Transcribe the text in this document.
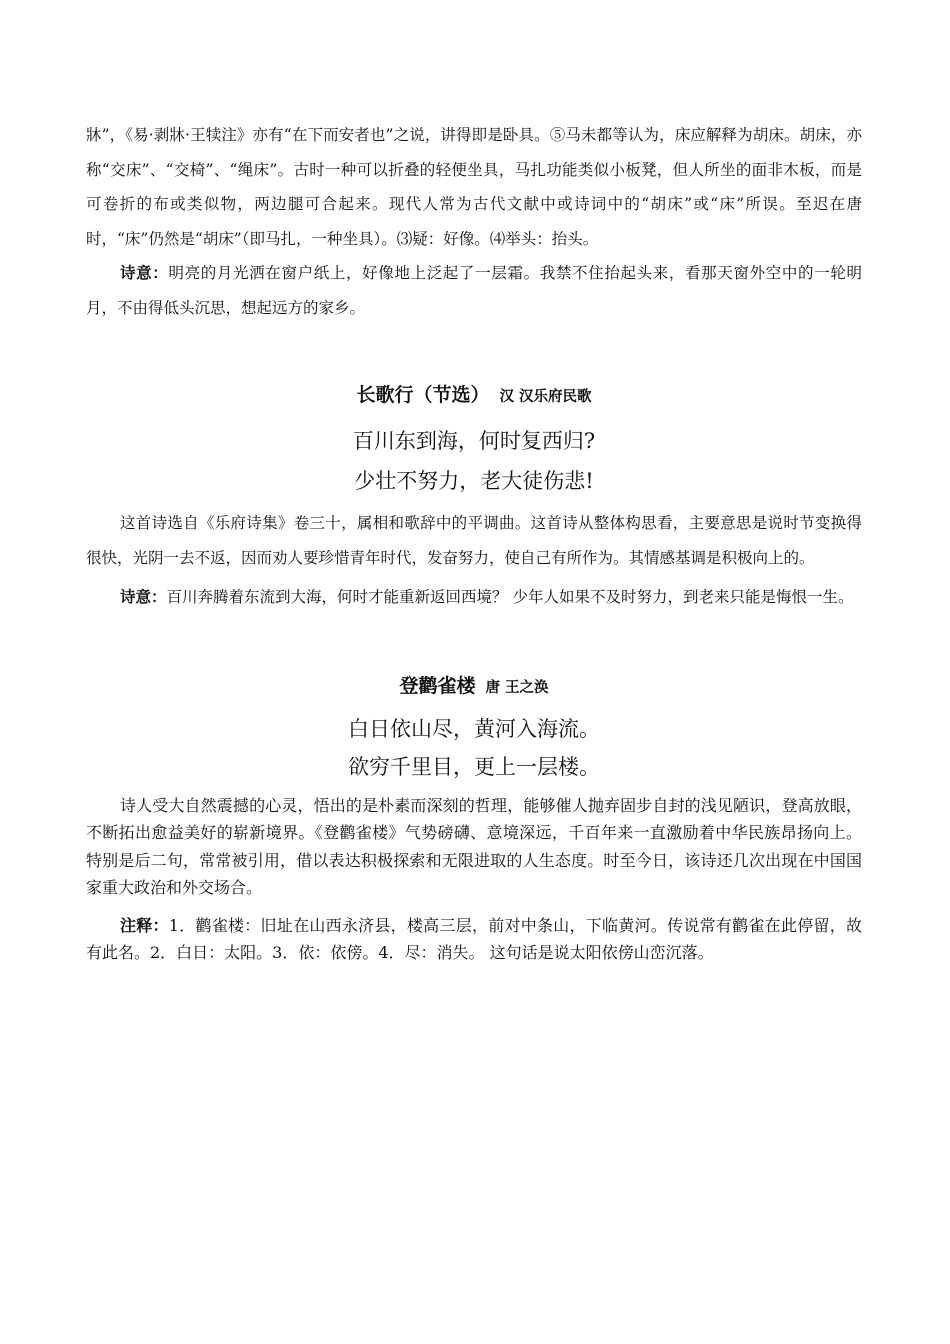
牀”，《易·剥牀·王犊注》亦有“在下而安者也”之说，讲得即是卧具。⑤马未都等认为，床应解释为胡床。胡床，亦称“交床”、“交椅”、“绳床”。古时一种可以折叠的轻便坐具，马扎功能类似小板凳，但人所坐的面非木板，而是可卷折的布或类似物，两边腿可合起来。现代人常为古代文献中或诗词中的“胡床”或“床”所误。至迟在唐时，“床”仍然是“胡床”（即马扎，一种坐具）。⑶疑：好像。⑷举头：抬头。

诗意：明亮的月光洒在窗户纸上，好像地上泛起了一层霜。我禁不住抬起头来，看那天窗外空中的一轮明月，不由得低头沉思，想起远方的家乡。

长歌行（节选） 汉 汉乐府民歌

百川东到海，何时复西归?

少壮不努力，老大徒伤悲!

这首诗选自《乐府诗集》卷三十，属相和歌辞中的平调曲。这首诗从整体构思看，主要意思是说时节变换得很快，光阴一去不返，因而劝人要珍惜青年时代，发奋努力，使自己有所作为。其情感基调是积极向上的。

诗意：百川奔腾着东流到大海，何时才能重新返回西境？ 少年人如果不及时努力，到老来只能是悔恨一生。

登鹳雀楼 唐 王之涣

白日依山尽，黄河入海流。

欲穷千里目，更上一层楼。

诗人受大自然震撼的心灵，悟出的是朴素而深刻的哲理，能够催人抛弃固步自封的浅见陋识，登高放眼，不断拓出愈益美好的崭新境界。《登鹳雀楼》气势磅礴、意境深远，千百年来一直激励着中华民族昂扬向上。 特别是后二句，常常被引用，借以表达积极探索和无限进取的人生态度。时至今日，该诗还几次出现在中国国家重大政治和外交场合。

注释：1．鹳雀楼：旧址在山西永济县，楼高三层，前对中条山，下临黄河。传说常有鹳雀在此停留，故有此名。2．白日：太阳。3．依：依傍。4．尽：消失。 这句话是说太阳依傍山峦沉落。
